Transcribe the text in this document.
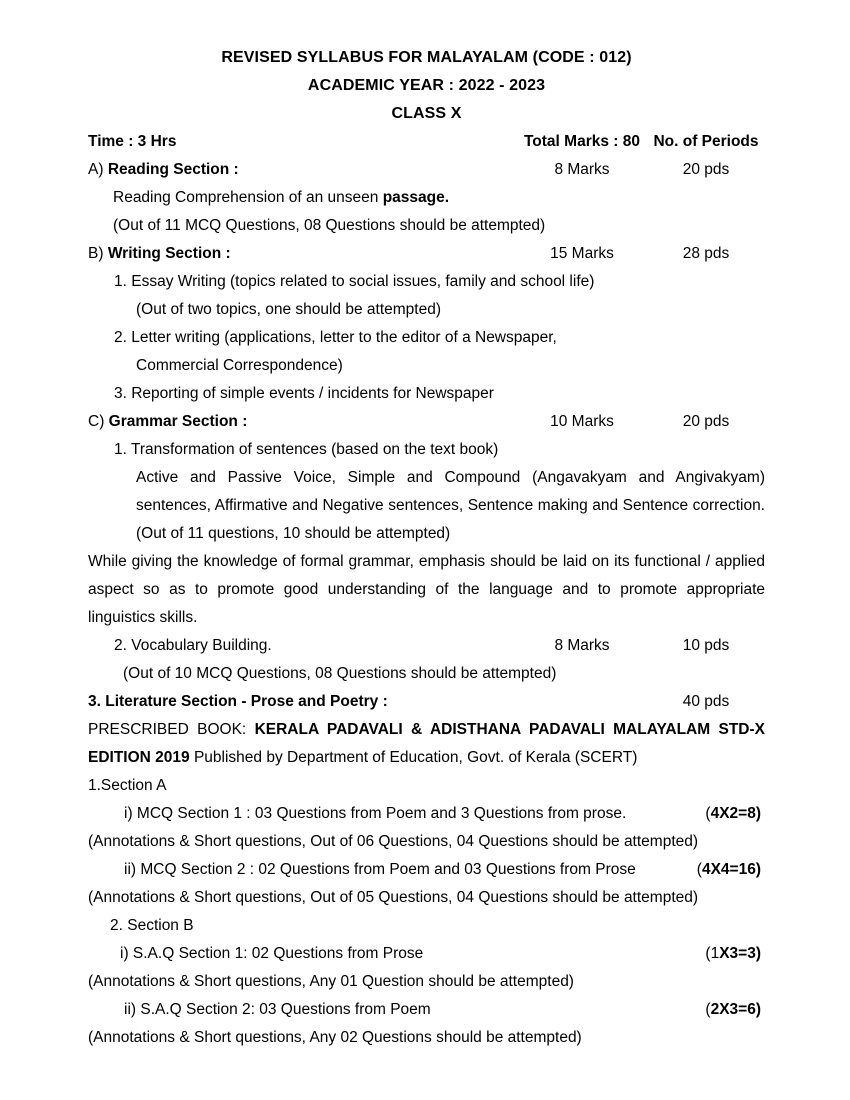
REVISED SYLLABUS FOR MALAYALAM (CODE : 012)
ACADEMIC YEAR : 2022 - 2023
CLASS X
Time : 3 Hrs	Total Marks : 80 No. of Periods
A) Reading Section :	8 Marks	20 pds
Reading Comprehension of an unseen passage.
(Out of 11 MCQ Questions, 08 Questions should be attempted)
B) Writing Section :	15 Marks	28 pds
1. Essay Writing (topics related to social issues, family and school life)
(Out of two topics, one should be attempted)
2. Letter writing (applications, letter to the editor of a Newspaper,
Commercial Correspondence)
3. Reporting of simple events / incidents for Newspaper
C) Grammar Section :	10 Marks	20 pds
1. Transformation of sentences (based on the text book)
Active and Passive Voice, Simple and Compound (Angavakyam and Angivakyam) sentences, Affirmative and Negative sentences, Sentence making and Sentence correction. (Out of 11 questions, 10 should be attempted)
While giving the knowledge of formal grammar, emphasis should be laid on its functional / applied aspect so as to promote good understanding of the language and to promote appropriate linguistics skills.
2. Vocabulary Building.	8 Marks	10 pds
(Out of 10 MCQ Questions, 08 Questions should be attempted)
3. Literature Section - Prose and Poetry :	40 pds
PRESCRIBED BOOK: KERALA PADAVALI & ADISTHANA PADAVALI MALAYALAM STD-X EDITION 2019 Published by Department of Education, Govt. of Kerala (SCERT)
1.Section A
i) MCQ Section 1 : 03 Questions from Poem and 3 Questions from prose.	(4X2=8)
(Annotations & Short questions, Out of 06 Questions, 04 Questions should be attempted)
ii) MCQ Section 2 : 02 Questions from Poem and 03 Questions from Prose	(4X4=16)
(Annotations & Short questions, Out of 05 Questions, 04 Questions should be attempted)
2. Section B
i) S.A.Q Section 1: 02 Questions from Prose	(1X3=3)
(Annotations & Short questions, Any 01 Question should be attempted)
ii) S.A.Q Section 2: 03 Questions from Poem	(2X3=6)
(Annotations & Short questions, Any 02 Questions should be attempted)
